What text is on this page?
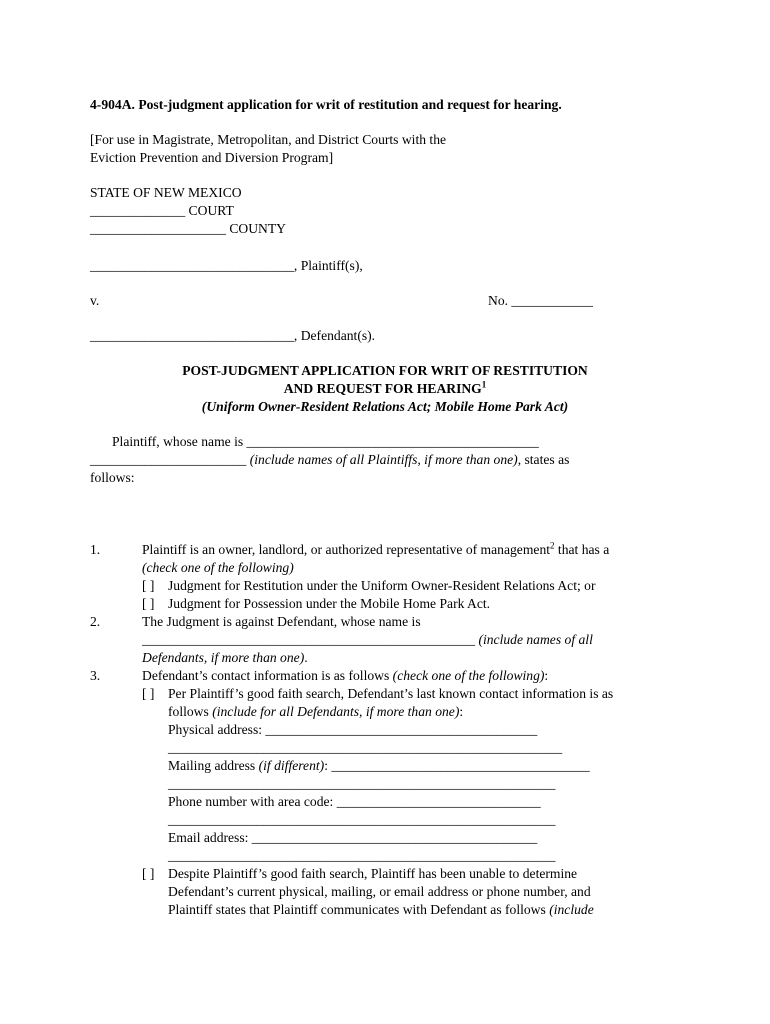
4-904A. Post-judgment application for writ of restitution and request for hearing.
[For use in Magistrate, Metropolitan, and District Courts with the
Eviction Prevention and Diversion Program]
STATE OF NEW MEXICO
______________ COURT
____________________ COUNTY
______________________________, Plaintiff(s),
v.	No. ____________
______________________________, Defendant(s).
POST-JUDGMENT APPLICATION FOR WRIT OF RESTITUTION
AND REQUEST FOR HEARING$^1$
(Uniform Owner-Resident Relations Act; Mobile Home Park Act)
Plaintiff, whose name is ___________________________________________
_______________________ (include names of all Plaintiffs, if more than one), states as
follows:
1.	Plaintiff is an owner, landlord, or authorized representative of management$^2$ that has a
(check one of the following)
[ ] Judgment for Restitution under the Uniform Owner-Resident Relations Act; or
[ ] Judgment for Possession under the Mobile Home Park Act.
2.	The Judgment is against Defendant, whose name is
_________________________________________________ (include names of all
Defendants, if more than one).
3.	Defendant’s contact information is as follows (check one of the following):
[ ] Per Plaintiff’s good faith search, Defendant’s last known contact information is as
follows (include for all Defendants, if more than one):
Physical address: ________________________________________
__________________________________________________________
Mailing address (if different): ______________________________________
_________________________________________________________
Phone number with area code: ______________________________
_________________________________________________________
Email address: __________________________________________
_________________________________________________________
[ ] Despite Plaintiff’s good faith search, Plaintiff has been unable to determine
Defendant’s current physical, mailing, or email address or phone number, and
Plaintiff states that Plaintiff communicates with Defendant as follows (include
